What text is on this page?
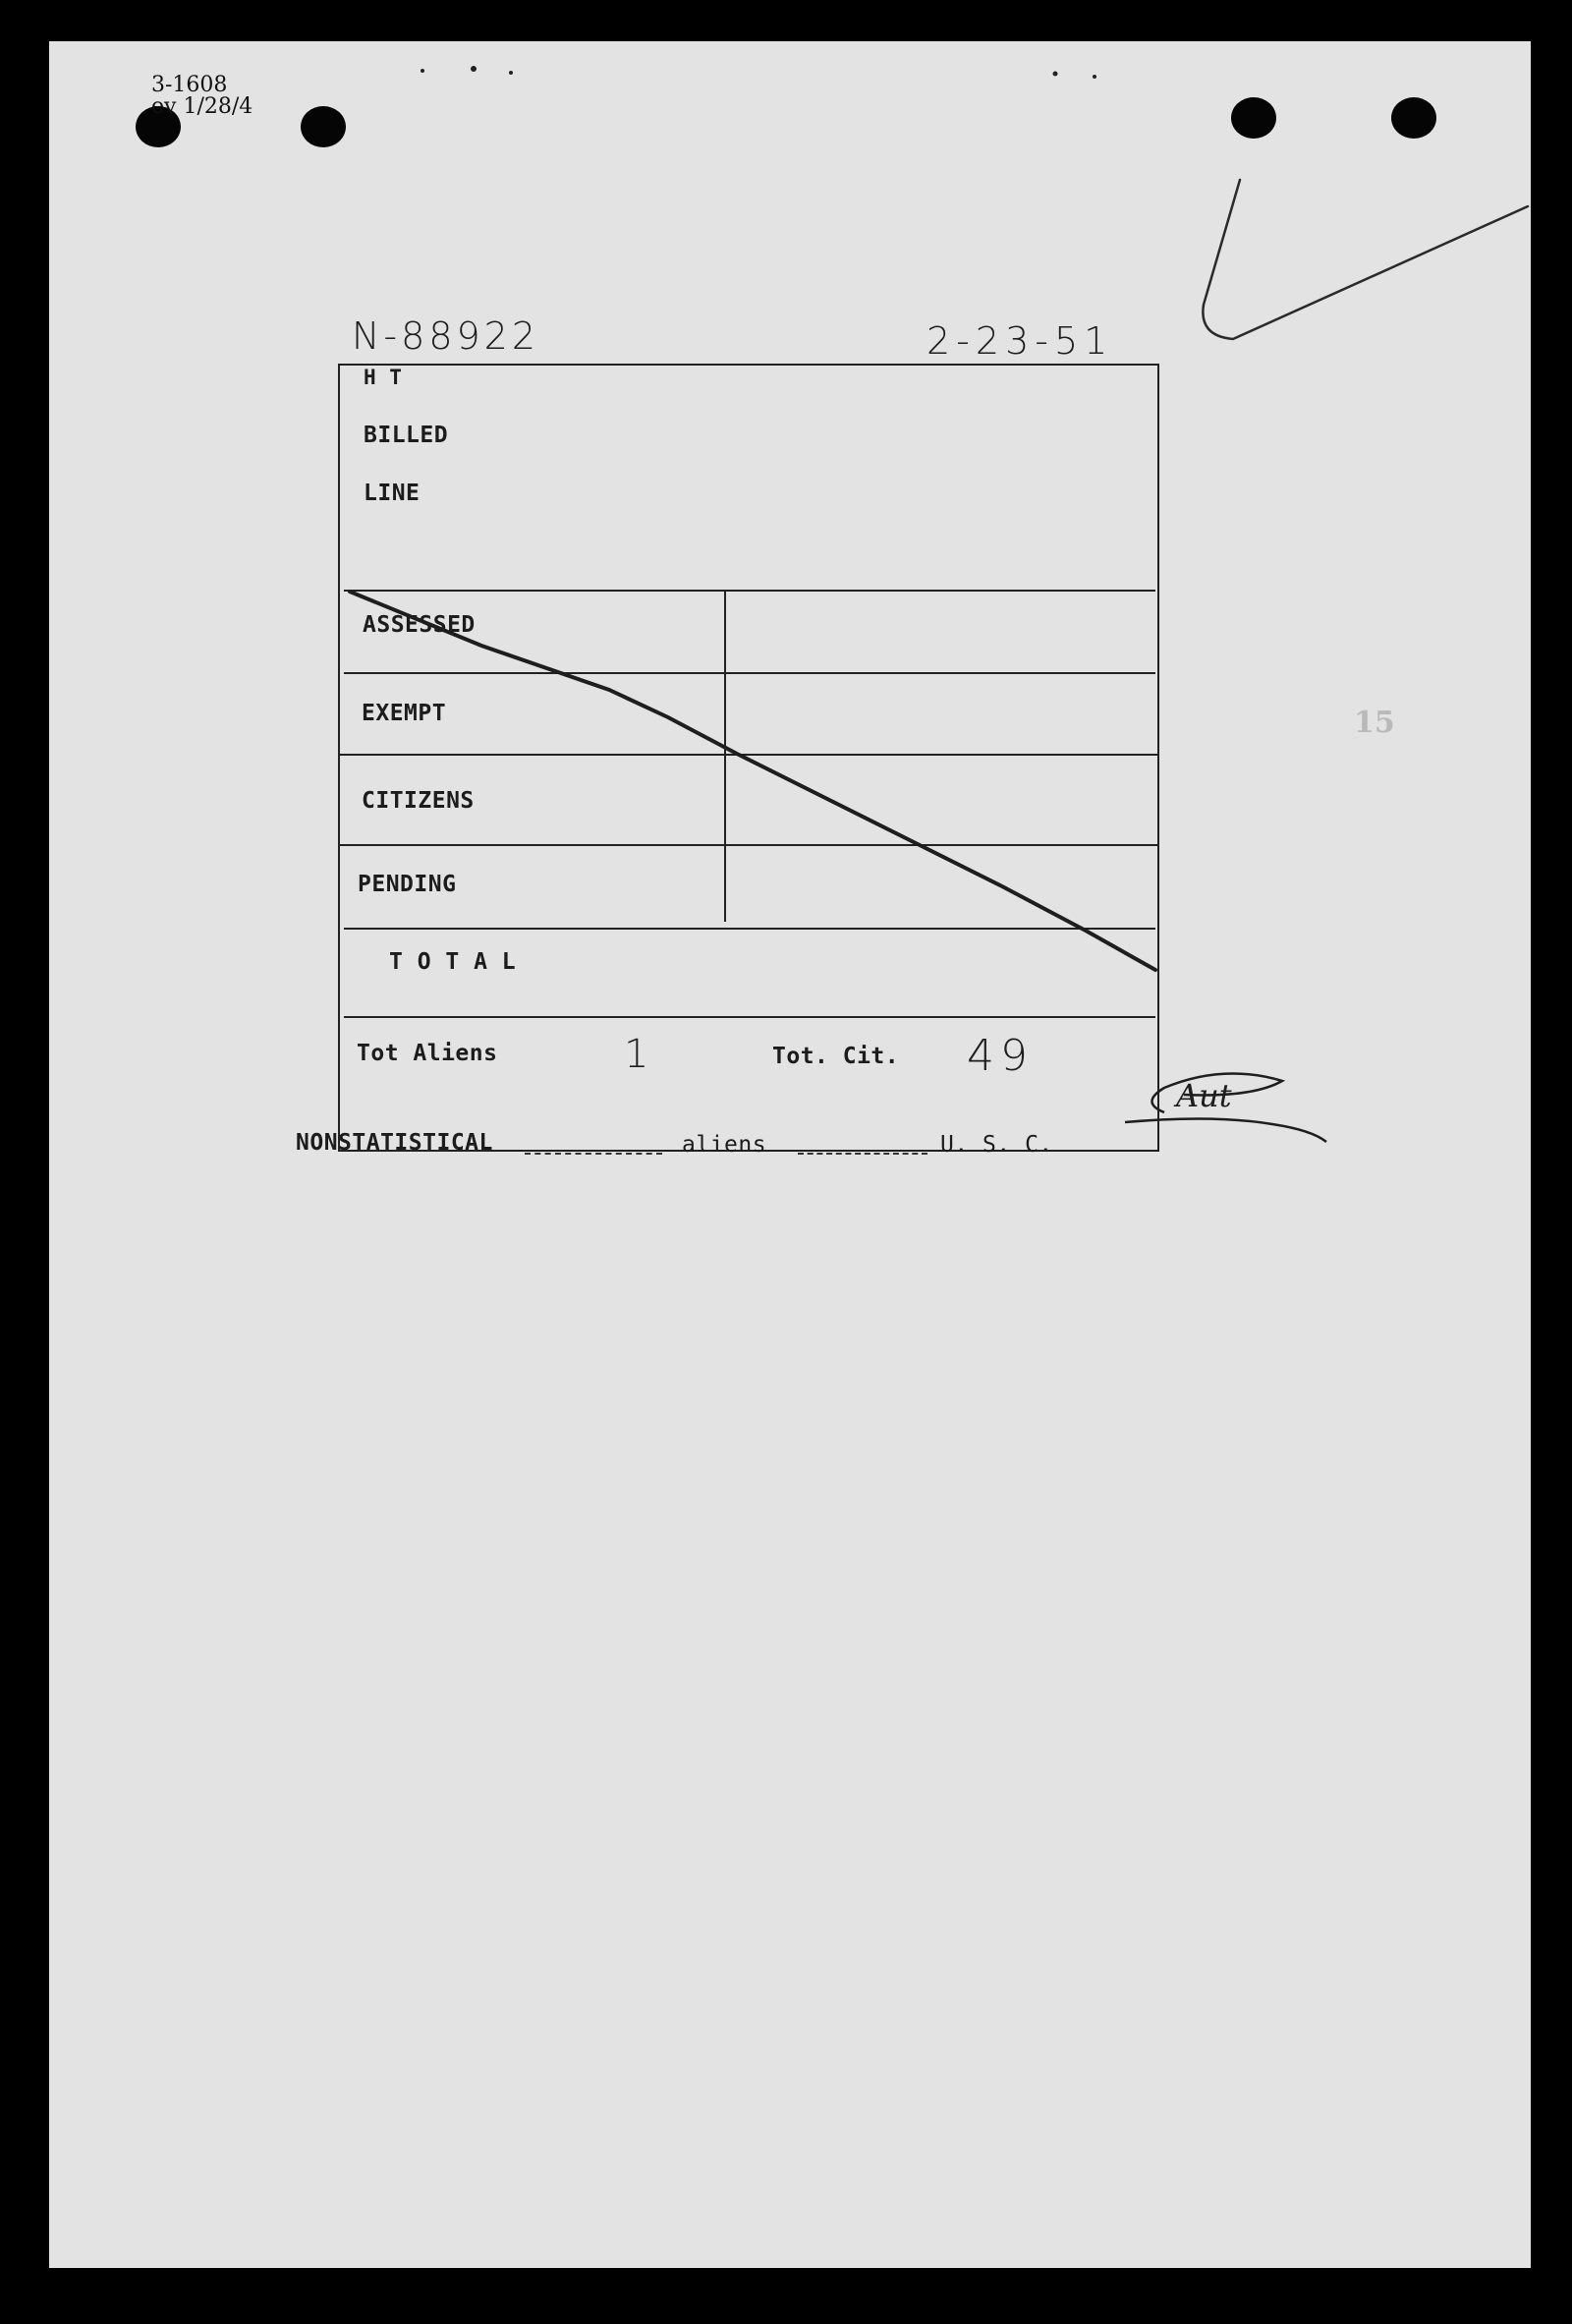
3-1608
ev 1/28/4
N-88922	2-23-51
H T
BILLED
LINE
ASSESSED
EXEMPT
CITIZENS
PENDING
T O T A L
Tot Aliens	1	Tot. Cit. 49
Aut
NONSTATISTICAL	aliens	U. S. C.
15
